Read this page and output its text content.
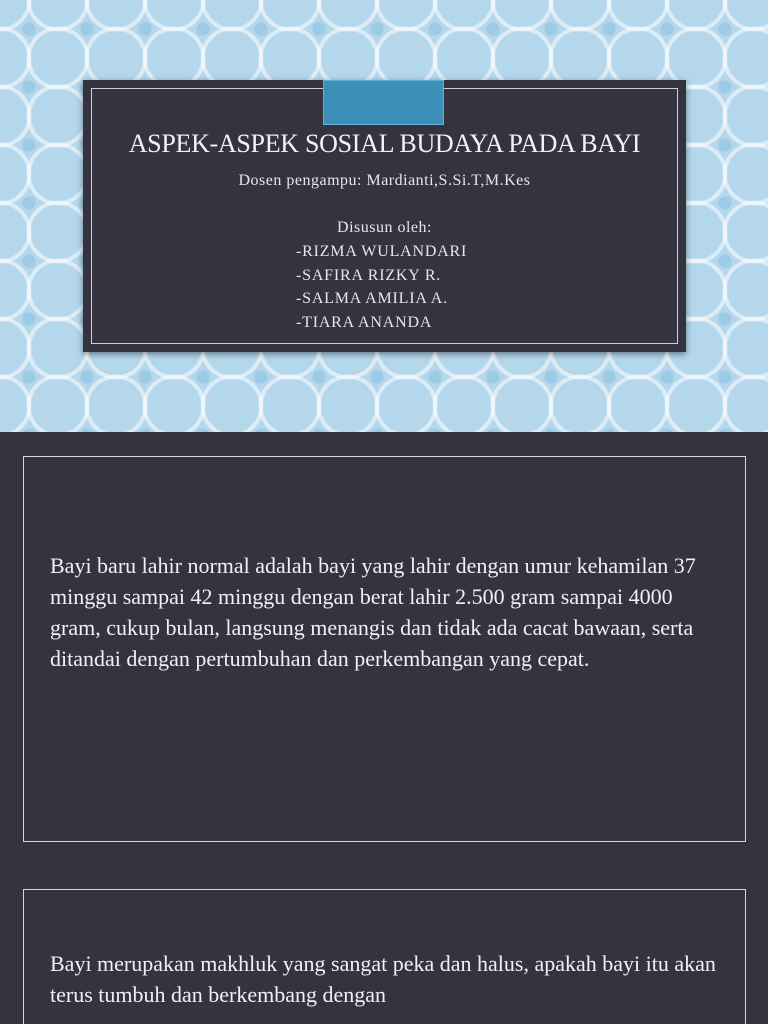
ASPEK-ASPEK SOSIAL BUDAYA PADA BAYI
Dosen pengampu: Mardianti,S.Si.T,M.Kes
Disusun oleh:
-RIZMA WULANDARI
-SAFIRA RIZKY R.
-SALMA AMILIA A.
-TIARA ANANDA

Bayi baru lahir normal adalah bayi yang lahir dengan umur kehamilan 37 minggu sampai 42 minggu dengan berat lahir 2.500 gram sampai 4000 gram, cukup bulan, langsung menangis dan tidak ada cacat bawaan, serta ditandai dengan pertumbuhan dan perkembangan yang cepat.

Bayi merupakan makhluk yang sangat peka dan halus, apakah bayi itu akan terus tumbuh dan berkembang dengan
